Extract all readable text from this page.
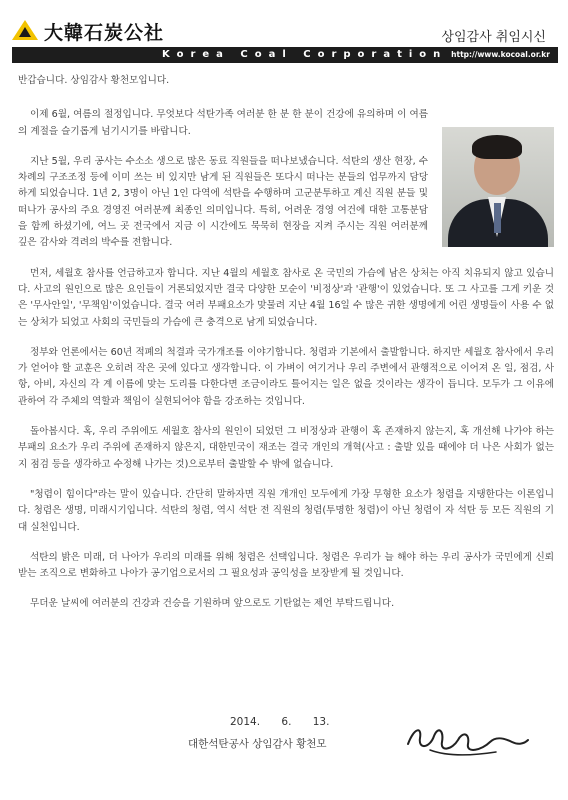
大韓石炭公社	상임감사 취임시신
Korea Coal Corporation http://www.kocoal.or.kr

반갑습니다. 상임감사 황천모입니다.

이제 6월, 여름의 절정입니다. 무엇보다 석탄가족 여러분 한 분 한 분이 건강에 유의하며 이 여름의 계절을 슬기롭게 넘기시기를 바랍니다.

지난 5월, 우리 공사는 수소소 생으로 많은 동료 직원들을 떠나보냈습니다. 석탄의 생산 현장, 수 차례의 구조조정 등에 이미 쓰는 비 있지만 남게 된 직원들은 또다시 떠나는 분들의 업무까지 담당하게 되었습니다. 1년 2, 3명이 아닌 1인 다역에 석탄을 수행하며 고군분투하고 계신 직원 분들 및 떠나가 공사의 주요 경영진 여러분께 최종인 의미입니다. 특히, 어려운 경영 여건에 대한 고통분담을 함께 하셨기에, 여느 곳 전국에서 지금 이 시간에도 묵묵히 현장을 지켜 주시는 직원 여러분께 깊은 감사와 격려의 박수를 전합니다.

먼저, 세월호 참사를 언급하고자 합니다. 지난 4월의 세월호 참사로 온 국민의 가슴에 남은 상처는 아직 치유되지 않고 있습니다. 사고의 원인으로 많은 요인들이 거론되었지만 결국 다양한 모순이 '비정상'과 '관행'이 있었습니다. 또 그 사고를 그게 키운 것은 '무사안일', '무책임'이었습니다. 결국 여러 부패요소가 맞물려 지난 4월 16일 수 많은 귀한 생명에게 어린 생명들이 사용 수 없는 상처가 되었고 사회의 국민들의 가슴에 큰 충격으로 남게 되었습니다.

정부와 언론에서는 60년 적폐의 척결과 국가개조를 이야기합니다. 청렴과 기본에서 출발합니다. 하지만 세월호 참사에서 우리가 얻어야 할 교훈은 오히려 작은 곳에 있다고 생각합니다. 이 가벼이 여기거나 우리 주변에서 관행적으로 이어져 온 일, 점검, 사항, 아비, 자신의 각 계 이름에 맞는 도리를 다한다면 조금이라도 틀어지는 일은 없을 것이라는 생각이 듭니다. 모두가 그 이유에 관하여 각 주체의 역할과 책임이 실현되어야 함을 강조하는 것입니다.

돌아봅시다. 혹, 우리 주위에도 세월호 참사의 원인이 되었던 그 비정상과 관행이 혹 존재하지 않는지, 혹 개선해 나가야 하는 부패의 요소가 우리 주위에 존재하지 않은지, 대한민국이 재조는 결국 개인의 개혁(사고 : 출발 있을 때에야 더 나은 사회가 없는지 점검 등을 생각하고 수정해 나가는 것)으로부터 출발할 수 밖에 없습니다.

"청렴이 힘이다"라는 말이 있습니다. 간단히 말하자면 직원 개개인 모두에게 가장 무형한 요소가 청렴을 지탱한다는 이론입니다. 청렴은 생명, 미래시기입니다. 석탄의 청렴, 역시 석탄 전 직원의 청렴(투명한 청렴)이 아닌 청렴이 자 석탄 등 모든 직원의 기대 실천입니다.

석탄의 밝은 미래, 더 나아가 우리의 미래를 위해 청렴은 선택입니다. 청렴은 우리가 늘 해야 하는 우리 공사가 국민에게 신뢰받는 조직으로 변화하고 나아가 공기업으로서의 그 필요성과 공익성을 보장받게 될 것입니다.

무더운 날씨에 여러분의 건강과 건승을 기원하며 앞으로도 기탄없는 제언 부탁드립니다.

2014. 6. 13.
대한석탄공사 상임감사 황천모
